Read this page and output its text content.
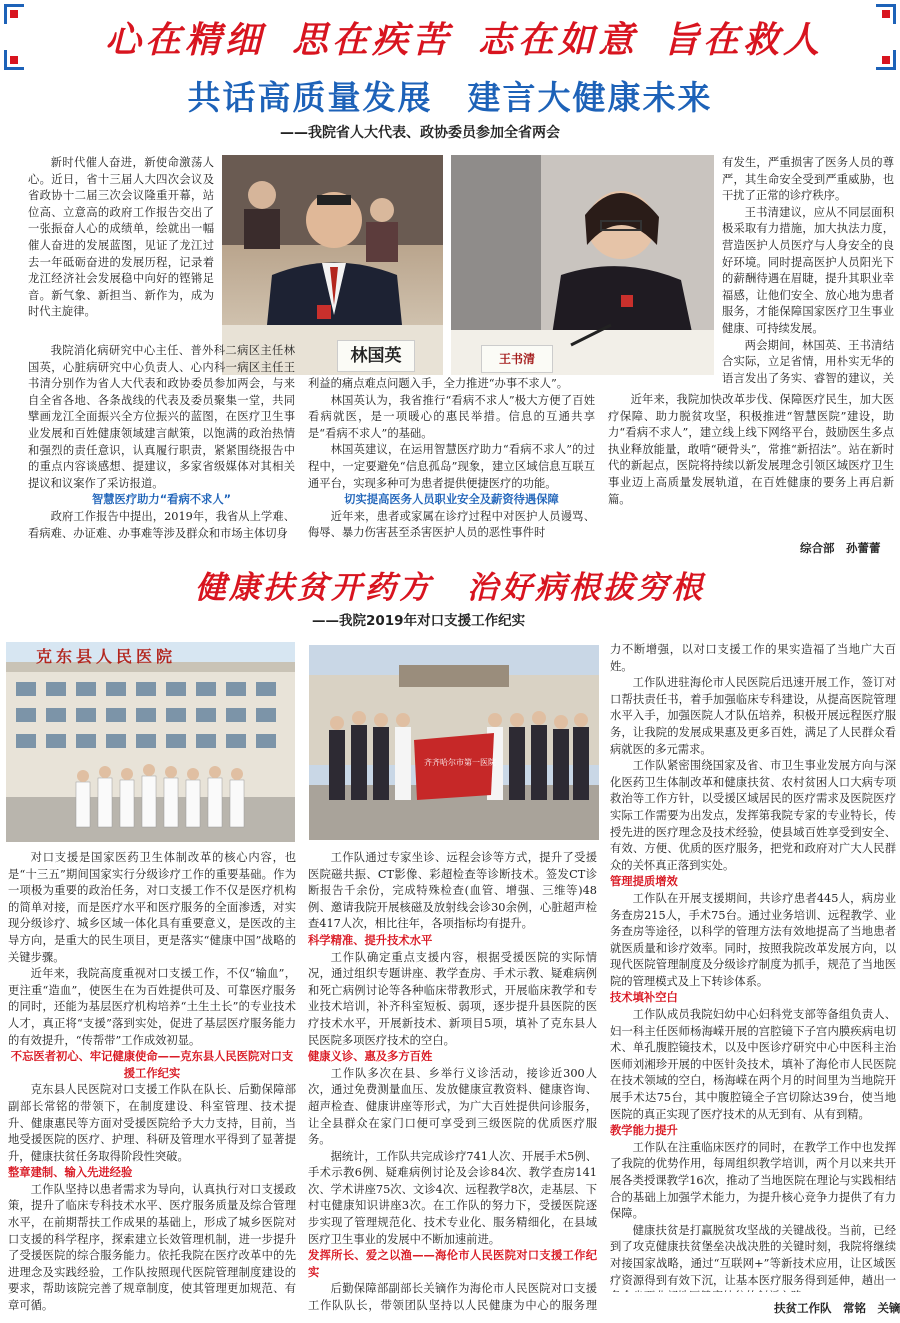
心在精细 思在疾苦 志在如意 旨在救人
共话高质量发展　建言大健康未来
——我院省人大代表、政协委员参加全省两会
林国英	王书清

新时代催人奋进，新使命激荡人心。近日，省十三届人大四次会议及省政协十二届三次会议隆重开幕，站位高、立意高的政府工作报告交出了一张振奋人心的成绩单，绘就出一幅催人奋进的发展蓝图，见证了龙江过去一年砥砺奋进的发展历程，记录着龙江经济社会发展稳中向好的铿锵足音。新气象、新担当、新作为，成为时代主旋律。

我院消化病研究中心主任、普外科二病区主任林国英，心脏病研究中心负责人、心内科一病区主任王书清分别作为省人大代表和政协委员参加两会，与来自全省各地、各条战线的代表及委员聚集一堂，共同擘画龙江全面振兴全方位振兴的蓝图，在医疗卫生事业发展和百姓健康领域建言献策，以饱满的政治热情和强烈的责任意识，认真履行职责，紧紧围绕报告中的重点内容谈感想、提建议，多家省级媒体对其相关提议和议案作了采访报道。

智慧医疗助力“看病不求人”

政府工作报告中提出，2019年，我省从上学难、看病难、办证难、办事难等涉及群众和市场主体切身

利益的痛点难点问题入手，全力推进“办事不求人”。

林国英认为，我省推行“看病不求人”极大方便了百姓看病就医，是一项暖心的惠民举措。信息的互通共享是“看病不求人”的基础。

林国英建议，在运用智慧医疗助力“看病不求人”的过程中，一定要避免“信息孤岛”现象，建立区域信息互联互通平台，实现多种可为患者提供便捷医疗的功能。

切实提高医务人员职业安全及薪资待遇保障

近年来，患者或家属在诊疗过程中对医护人员谩骂、侮辱、暴力伤害甚至杀害医护人员的恶性事件时

有发生，严重损害了医务人员的尊严，其生命安全受到严重威胁，也干扰了正常的诊疗秩序。

王书清建议，应从不同层面积极采取有力措施，加大执法力度，营造医护人员医疗与人身安全的良好环境。同时提高医护人员阳光下的薪酬待遇在眉睫，提升其职业幸福感，让他们安全、放心地为患者服务，才能保障国家医疗卫生事业健康、可持续发展。

两会期间，林国英、王书清结合实际，立足省情，用朴实无华的语言发出了务实、睿智的建议，关

近年来，我院加快改革步伐、保障医疗民生，加大医疗保障、助力脱贫攻坚，积极推进“智慧医院”建设，助力“看病不求人”，建立线上线下网络平台，鼓励医生多点执业释放能量，敢啃“硬骨头”，常推“新招法”。站在新时代的新起点，医院将持续以新发展理念引领区域医疗卫生事业迈上高质量发展轨道，在百姓健康的要务上再启新篇。

综合部　孙蕾蕾
健康扶贫开药方　治好病根拔穷根
——我院2019年对口支援工作纪实
克东县人民医院
齐齐哈尔市第一医院

对口支援是国家医药卫生体制改革的核心内容，也是“十三五”期间国家实行分级诊疗工作的重要基础。作为一项极为重要的政治任务，对口支援工作不仅是医疗机构的简单对接，而是医疗水平和医疗服务的全面渗透，对实现分级诊疗、城乡区域一体化具有重要意义，是医改的主导方向，是重大的民生项目，更是落实“健康中国”战略的关键步骤。

近年来，我院高度重视对口支援工作，不仅“输血”，更注重“造血”，使医生在为百姓提供可及、可靠医疗服务的同时，还能为基层医疗机构培养“土生土长”的专业技术人才，真正将“支援”落到实处，促进了基层医疗服务能力的有效提升，“传帮带”工作成效初显。

不忘医者初心、牢记健康使命——克东县人民医院对口支援工作纪实

克东县人民医院对口支援工作队在队长、后勤保障部副部长常铭的带领下，在制度建设、科室管理、技术提升、健康惠民等方面对受援医院给予大力支持，目前，当地受援医院的医疗、护理、科研及管理水平得到了显著提升，健康扶贫任务取得阶段性突破。

整章建制、输入先进经验

工作队坚持以患者需求为导向，认真执行对口支援政策，提升了临床专科技术水平、医疗服务质量及综合管理水平，在前期帮扶工作成果的基础上，形成了城乡医院对口支援的科学程序，探索建立长效管理机制，进一步提升了受援医院的综合服务能力。依托我院在医疗改革中的先进理念及实践经验，工作队按照现代医院管理制度建设的要求，帮助该院完善了规章制度，使其管理更加规范、有章可循。

工作队通过专家坐诊、远程会诊等方式，提升了受援医院磁共振、CT影像、彩超检查等诊断技术。签发CT诊断报告千余份，完成特殊检查(血管、增强、三维等)48例、邀请我院开展核磁及放射线会诊30余例，心脏超声检查417人次，相比往年，各项指标均有提升。

科学精准、提升技术水平

工作队确定重点支援内容，根据受援医院的实际情况，通过组织专题讲座、教学查房、手术示教、疑难病例和死亡病例讨论等各种临床带教形式，开展临床教学和专业技术培训，补齐科室短板、弱项，逐步提升县医院的医疗技术水平，开展新技术、新项目5项，填补了克东县人民医院多项医疗技术的空白。

健康义诊、惠及多方百姓

工作队多次在县、乡举行义诊活动，接诊近300人次，通过免费测量血压、发放健康宣教资料、健康咨询、超声检查、健康讲座等形式，为广大百姓提供问诊服务，让全县群众在家门口便可享受到三级医院的优质医疗服务。

据统计，工作队共完成诊疗741人次、开展手术5例、手术示教6例、疑难病例讨论及会诊84次、教学查房141次、学术讲座75次、文诊4次、远程教学8次，走基层、下村屯健康知识讲座3次。在工作队的努力下，受援医院逐步实现了管理规范化、技术专业化、服务精细化，在县域医疗卫生事业的发展中不断加速前进。

发挥所长、爱之以渔——海伦市人民医院对口支援工作纪实

后勤保障部副部长关镝作为海伦市人民医院对口支援工作队队长，带领团队坚持以人民健康为中心的服务理

力不断增强，以对口支援工作的果实造福了当地广大百姓。

工作队进驻海伦市人民医院后迅速开展工作，签订对口帮扶责任书，着手加强临床专科建设，从提高医院管理水平入手，加强医院人才队伍培养，积极开展远程医疗服务，让我院的发展成果惠及更多百姓，满足了人民群众看病就医的多元需求。

工作队紧密围绕国家及省、市卫生事业发展方向与深化医药卫生体制改革和健康扶贫、农村贫困人口大病专项救治等工作方针，以受援区域居民的医疗需求及医院医疗实际工作需要为出发点，发挥第我院专家的专业特长，传授先进的医疗理念及技术经验，使县域百姓享受到安全、有效、方便、优质的医疗服务，把党和政府对广大人民群众的关怀真正落到实处。

管理提质增效

工作队在开展支援期间，共诊疗患者445人，病房业务查房215人，手术75台。通过业务培训、远程教学、业务查房等途径，以科学的管理方法有效地提高了当地患者就医质量和诊疗效率。同时，按照我院改革发展方向，以现代医院管理制度及分级诊疗制度为抓手，规范了当地医院的管理模式及上下转诊体系。

技术填补空白

工作队成员我院妇幼中心妇科党支部等备组负责人、妇一科主任医师杨海嵘开展的宫腔镜下子宫内膜疾病电切术、单孔腹腔镜技术，以及中医诊疗研究中心中医科主治医师刘湘珍开展的中医针灸技术，填补了海伦市人民医院在技术领域的空白，杨海嵘在两个月的时间里为当地院开展手术达75台，其中腹腔镜全子宫切除达39台，使当地医院的真正实现了医疗技术的从无到有、从有到精。

教学能力提升

工作队在注重临床医疗的同时，在教学工作中也发挥了我院的优势作用，每周组织教学培训，两个月以来共开展各类授课教学16次，推动了当地医院在理论与实践相结合的基础上加强学术能力，为提升核心竞争力提供了有力保障。

健康扶贫是打赢脱贫攻坚战的关键战役。当前，已经到了攻克健康扶贫堡垒决战决胜的关键时刻，我院将继续对接国家战略，通过“互联网+”等新技术应用，让区域医疗资源得到有效下沉，让基本医疗服务得到延伸，趟出一

扶贫工作队　常铭　关镝
